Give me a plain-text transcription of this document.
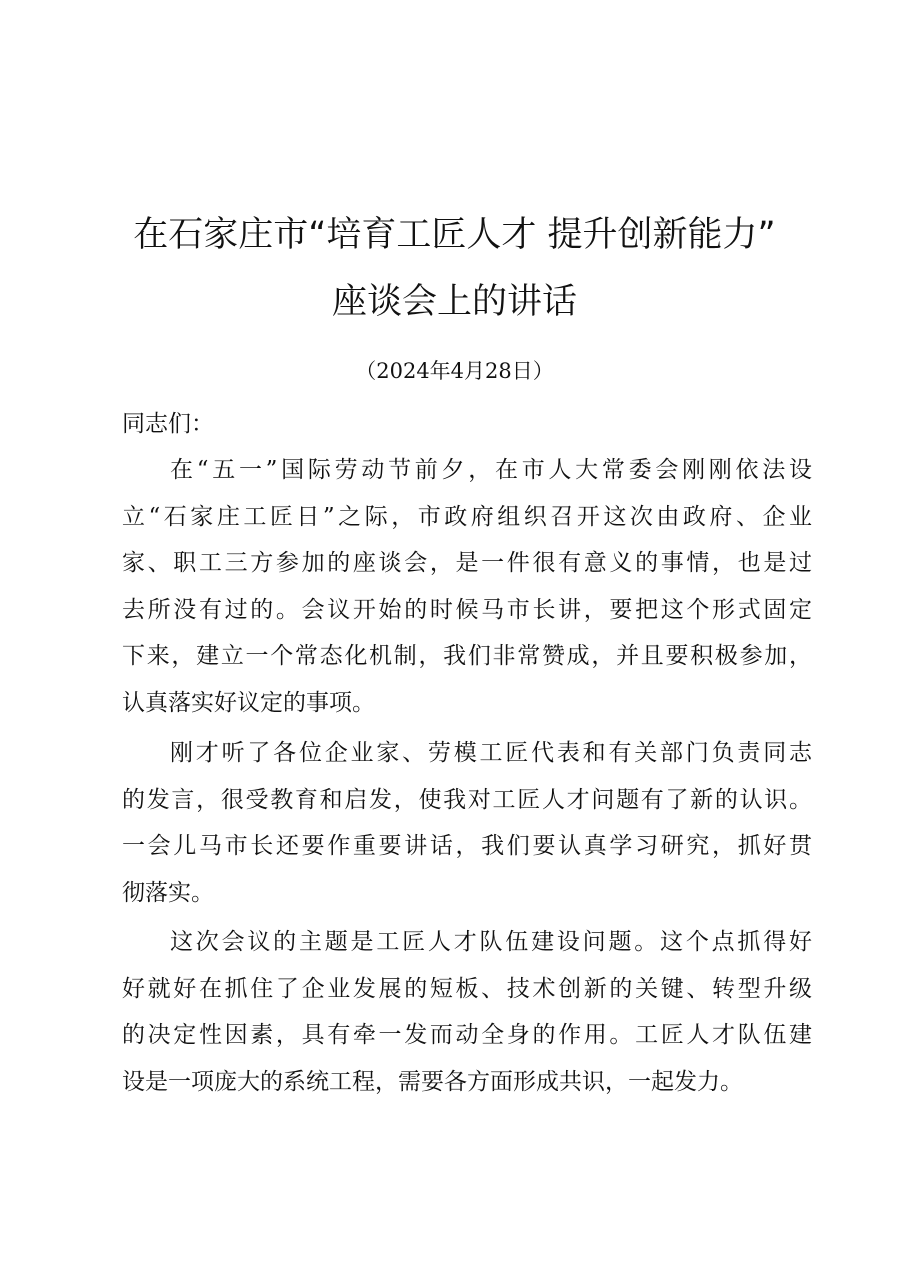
在石家庄市“培育工匠人才 提升创新能力”
座谈会上的讲话
（2024年4月28日）
同志们：
在“五一”国际劳动节前夕，在市人大常委会刚刚依法设
立“石家庄工匠日”之际，市政府组织召开这次由政府、企业
家、职工三方参加的座谈会，是一件很有意义的事情，也是过
去所没有过的。会议开始的时候马市长讲，要把这个形式固定
下来，建立一个常态化机制，我们非常赞成，并且要积极参加，
认真落实好议定的事项。
刚才听了各位企业家、劳模工匠代表和有关部门负责同志
的发言，很受教育和启发，使我对工匠人才问题有了新的认识。
一会儿马市长还要作重要讲话，我们要认真学习研究，抓好贯
彻落实。
这次会议的主题是工匠人才队伍建设问题。这个点抓得好
好就好在抓住了企业发展的短板、技术创新的关键、转型升级
的决定性因素，具有牵一发而动全身的作用。工匠人才队伍建
设是一项庞大的系统工程，需要各方面形成共识，一起发力。
